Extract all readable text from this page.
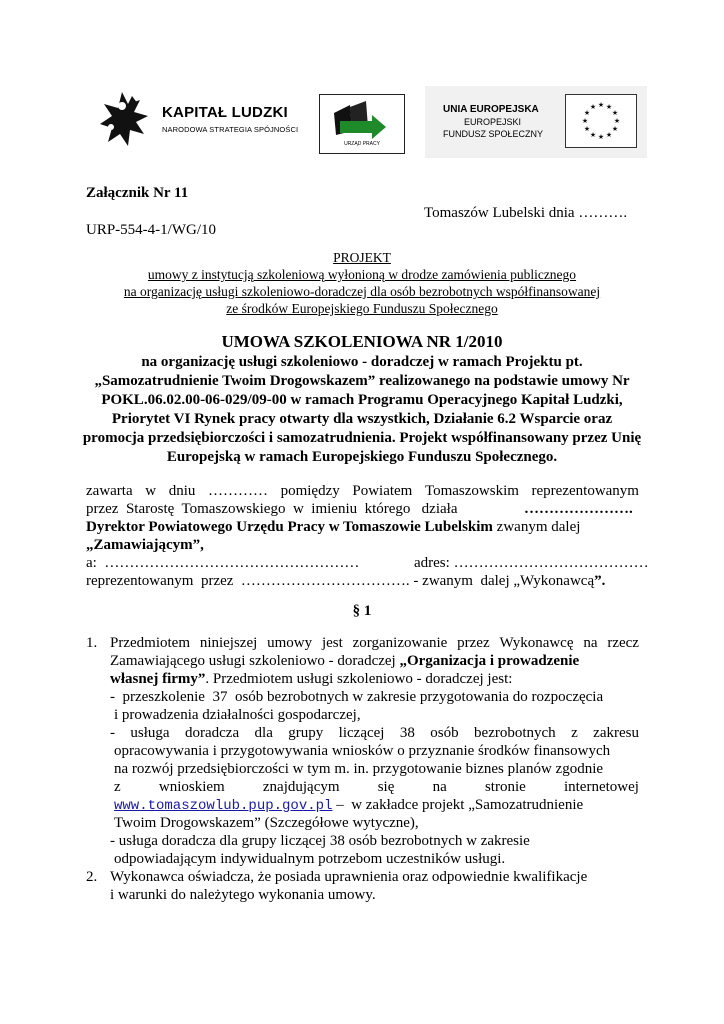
KAPITAŁ LUDZKI
NARODOWA STRATEGIA SPÓJNOŚCI
URZĄD PRACY
UNIA EUROPEJSKA
EUROPEJSKI
FUNDUSZ SPOŁECZNY
★ ★
★
★
★
★
★
★
★
★
★
★
Załącznik Nr 11
Tomaszów Lubelski dnia ……….
URP-554-4-1/WG/10
PROJEKT
umowy z instytucją szkoleniową wyłonioną w drodze zamówienia publicznego
na organizację usługi szkoleniowo-doradczej dla osób bezrobotnych współfinansowanej
ze środków Europejskiego Funduszu Społecznego
UMOWA SZKOLENIOWA NR 1/2010
na organizację usługi szkoleniowo - doradczej w ramach Projektu pt.
„Samozatrudnienie Twoim Drogowskazem” realizowanego na podstawie umowy Nr
POKL.06.02.00-06-029/09-00 w ramach Programu Operacyjnego Kapitał Ludzki,
Priorytet VI Rynek pracy otwarty dla wszystkich, Działanie 6.2 Wsparcie oraz
promocja przedsiębiorczości i samozatrudnienia. Projekt współfinansowany przez Unię
Europejską w ramach Europejskiego Funduszu Społecznego.
zawarta w dniu ………… pomiędzy Powiatem Tomaszowskim reprezentowanym
przez  Starostę  Tomaszowskiego  w  imieniu  którego   działa	………………….
Dyrektor Powiatowego Urzędu Pracy w Tomaszowie Lubelskim zwanym dalej
„Zamawiającym”,
a:  ……………………………………………	adres: …………………………………
reprezentowanym  przez  ……………………………. - zwanym  dalej „Wykonawcą”.
§ 1
1. Przedmiotem niniejszej umowy jest zorganizowanie przez Wykonawcę na rzecz
Zamawiającego usługi szkoleniowo - doradczej „Organizacja i prowadzenie
własnej firmy”. Przedmiotem usługi szkoleniowo - doradczej jest:
-  przeszkolenie  37  osób bezrobotnych w zakresie przygotowania do rozpoczęcia
i prowadzenia działalności gospodarczej,
- usługa doradcza dla grupy liczącej 38 osób bezrobotnych z zakresu
opracowywania i przygotowywania wniosków o przyznanie środków finansowych
na rozwój przedsiębiorczości w tym m. in. przygotowanie biznes planów zgodnie
z	wnioskiem	znajdującym	się	na	stronie	internetowej
www.tomaszowlub.pup.gov.pl –  w zakładce projekt „Samozatrudnienie
Twoim Drogowskazem” (Szczegółowe wytyczne),
- usługa doradcza dla grupy liczącej 38 osób bezrobotnych w zakresie
odpowiadającym indywidualnym potrzebom uczestników usługi.
2. Wykonawca oświadcza, że posiada uprawnienia oraz odpowiednie kwalifikacje
i warunki do należytego wykonania umowy.
